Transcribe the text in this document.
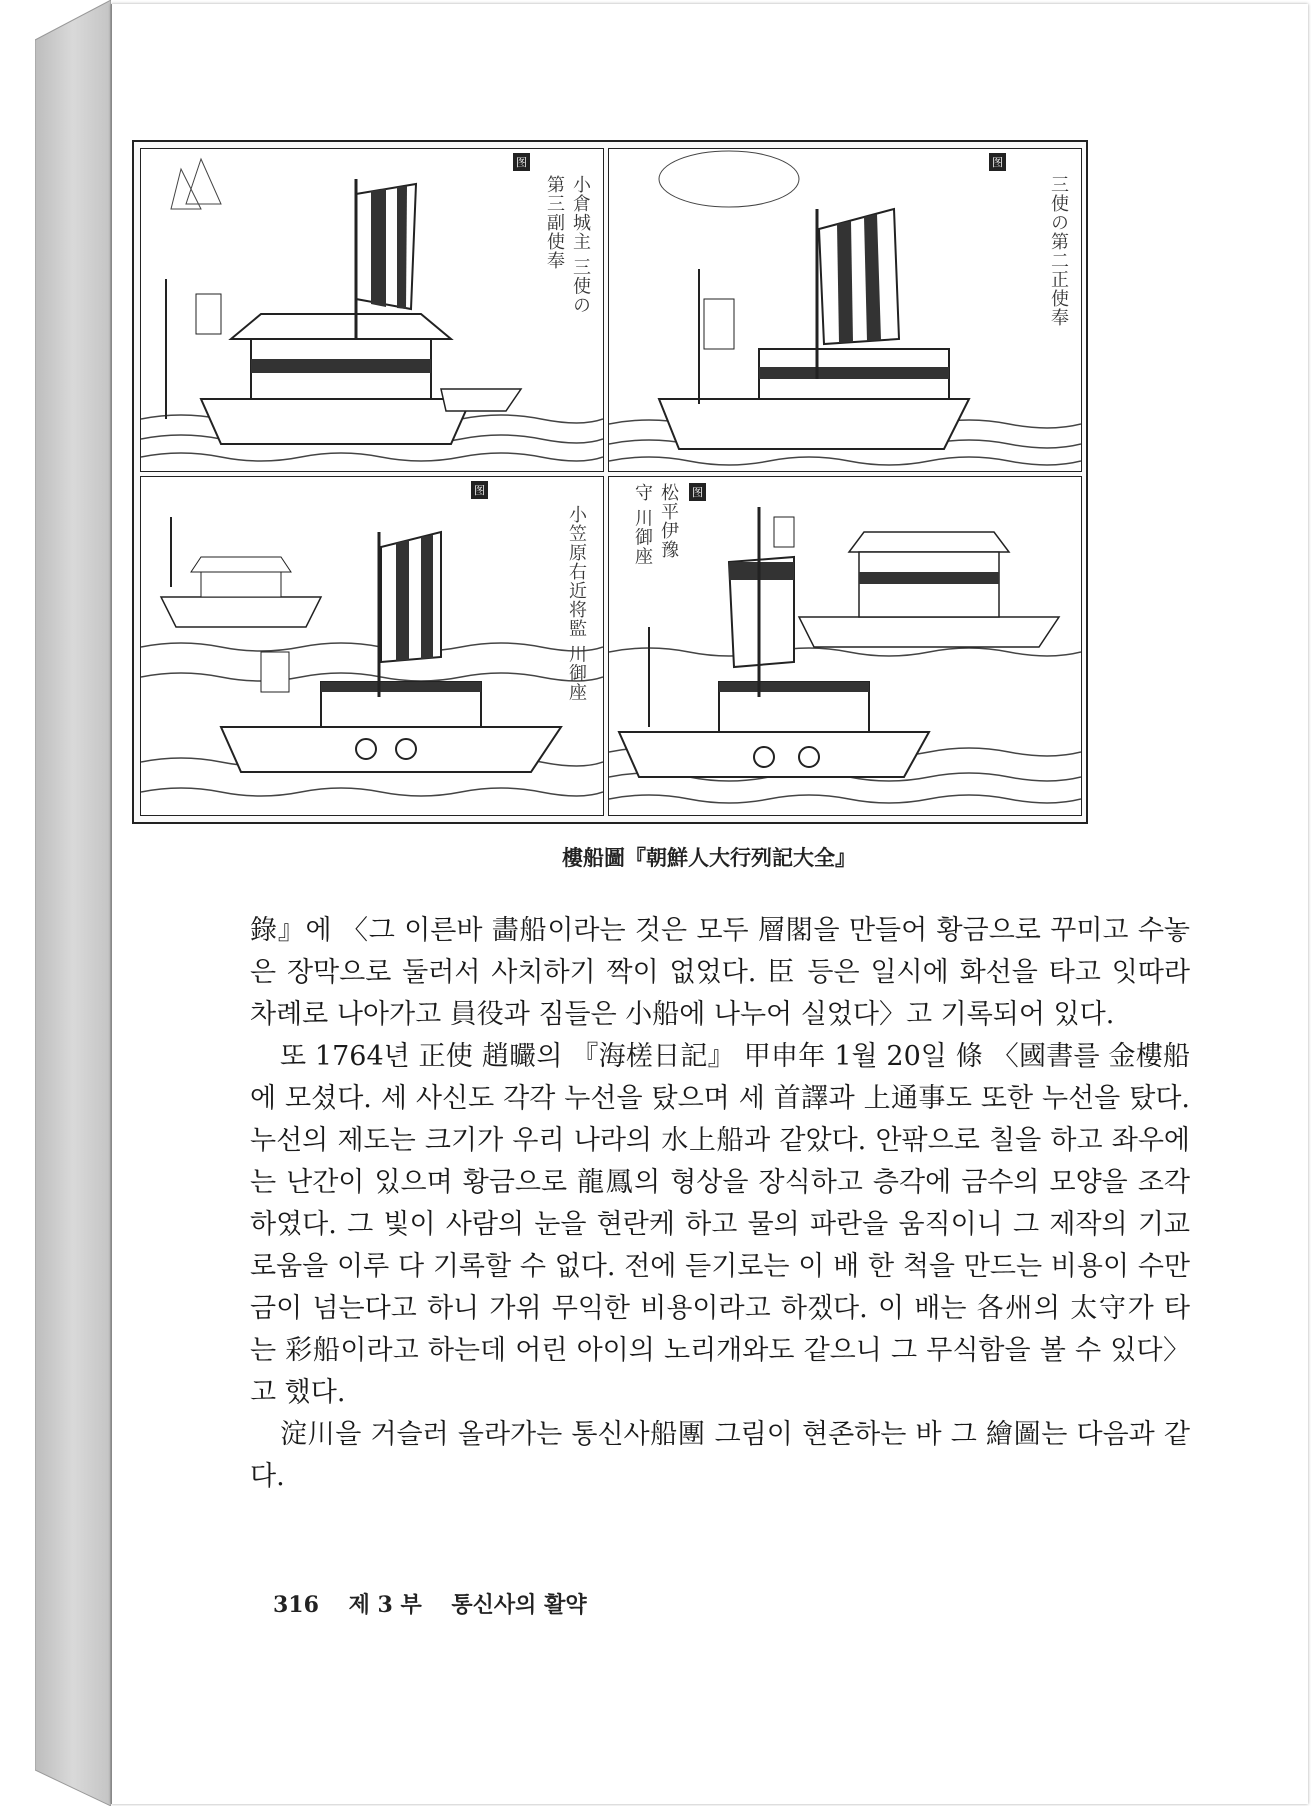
图
小倉城主 三使の第三副使奉
图
三使の第二正使奉
图
小笠原右近将監 川御座
图
松平伊豫守 川御座
樓船圖『朝鮮人大行列記大全』

錄』에 〈그 이른바 畵船이라는 것은 모두 層閣을 만들어 황금으로 꾸미고 수놓은 장막으로 둘러서 사치하기 짝이 없었다. 臣 등은 일시에 화선을 타고 잇따라 차례로 나아가고 員役과 짐들은 小船에 나누어 실었다〉고 기록되어 있다.

또 1764년 正使 趙曮의 『海槎日記』 甲申年 1월 20일 條 〈國書를 金樓船에 모셨다. 세 사신도 각각 누선을 탔으며 세 首譯과 上通事도 또한 누선을 탔다. 누선의 제도는 크기가 우리 나라의 水上船과 같았다. 안팎으로 칠을 하고 좌우에는 난간이 있으며 황금으로 龍鳳의 형상을 장식하고 층각에 금수의 모양을 조각하였다. 그 빛이 사람의 눈을 현란케 하고 물의 파란을 움직이니 그 제작의 기교로움을 이루 다 기록할 수 없다. 전에 듣기로는 이 배 한 척을 만드는 비용이 수만금이 넘는다고 하니 가위 무익한 비용이라고 하겠다. 이 배는 各州의 太守가 타는 彩船이라고 하는데 어린 아이의 노리개와도 같으니 그 무식함을 볼 수 있다〉고 했다.

淀川을 거슬러 올라가는 통신사船團 그림이 현존하는 바 그 繪圖는 다음과 같다.

316 제 3 부 통신사의 활약
